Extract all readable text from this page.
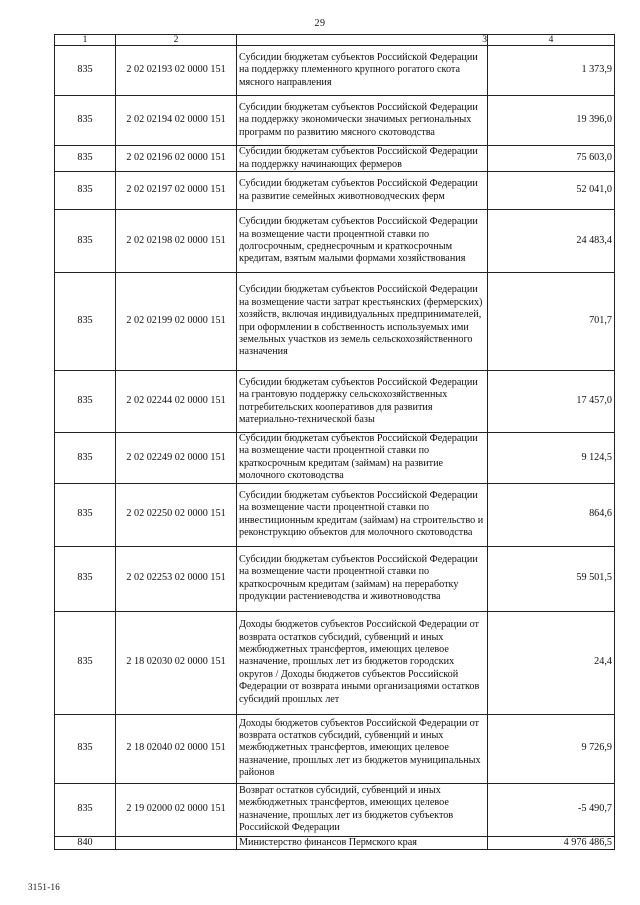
29
1	2	3	4
835	2 02 02193 02 0000 151	Субсидии бюджетам субъектов Российской Федерации на поддержку племенного крупного рогатого скота мясного направления	1 373,9
835	2 02 02194 02 0000 151	Субсидии бюджетам субъектов Российской Федерации на поддержку экономически значимых региональных программ по развитию мясного скотоводства	19 396,0
835	2 02 02196 02 0000 151	Субсидии бюджетам субъектов Российской Федерации на поддержку начинающих фермеров	75 603,0
835	2 02 02197 02 0000 151	Субсидии бюджетам субъектов Российской Федерации на развитие семейных животноводческих ферм	52 041,0
835	2 02 02198 02 0000 151	Субсидии бюджетам субъектов Российской Федерации на возмещение части процентной ставки по долгосрочным, среднесрочным и краткосрочным кредитам, взятым малыми формами хозяйствования	24 483,4
835	2 02 02199 02 0000 151	Субсидии бюджетам субъектов Российской Федерации на возмещение части затрат крестьянских (фермерских) хозяйств, включая индивидуальных предпринимателей, при оформлении в собственность используемых ими земельных участков из земель сельскохозяйственного назначения	701,7
835	2 02 02244 02 0000 151	Субсидии бюджетам субъектов Российской Федерации на грантовую поддержку сельскохозяйственных потребительских кооперативов для развития материально-технической базы	17 457,0
835	2 02 02249 02 0000 151	Субсидии бюджетам субъектов Российской Федерации на возмещение части процентной ставки по краткосрочным кредитам (займам) на развитие молочного скотоводства	9 124,5
835	2 02 02250 02 0000 151	Субсидии бюджетам субъектов Российской Федерации на возмещение части процентной ставки по инвестиционным кредитам (займам) на строительство и реконструкцию объектов для молочного скотоводства	864,6
835	2 02 02253 02 0000 151	Субсидии бюджетам субъектов Российской Федерации на возмещение части процентной ставки по краткосрочным кредитам (займам) на переработку продукции растениеводства и животноводства	59 501,5
835	2 18 02030 02 0000 151	Доходы бюджетов субъектов Российской Федерации от возврата остатков субсидий, субвенций и иных межбюджетных трансфертов, имеющих целевое назначение, прошлых лет из бюджетов городских округов / Доходы бюджетов субъектов Российской Федерации от возврата иными организациями остатков субсидий прошлых лет	24,4
835	2 18 02040 02 0000 151	Доходы бюджетов субъектов Российской Федерации от возврата остатков субсидий, субвенций и иных межбюджетных трансфертов, имеющих целевое назначение, прошлых лет из бюджетов муниципальных районов	9 726,9
835	2 19 02000 02 0000 151	Возврат остатков субсидий, субвенций и иных межбюджетных трансфертов, имеющих целевое назначение, прошлых лет из бюджетов субъектов Российской Федерации	-5 490,7
840		Министерство финансов Пермского края	4 976 486,5
3151-16
